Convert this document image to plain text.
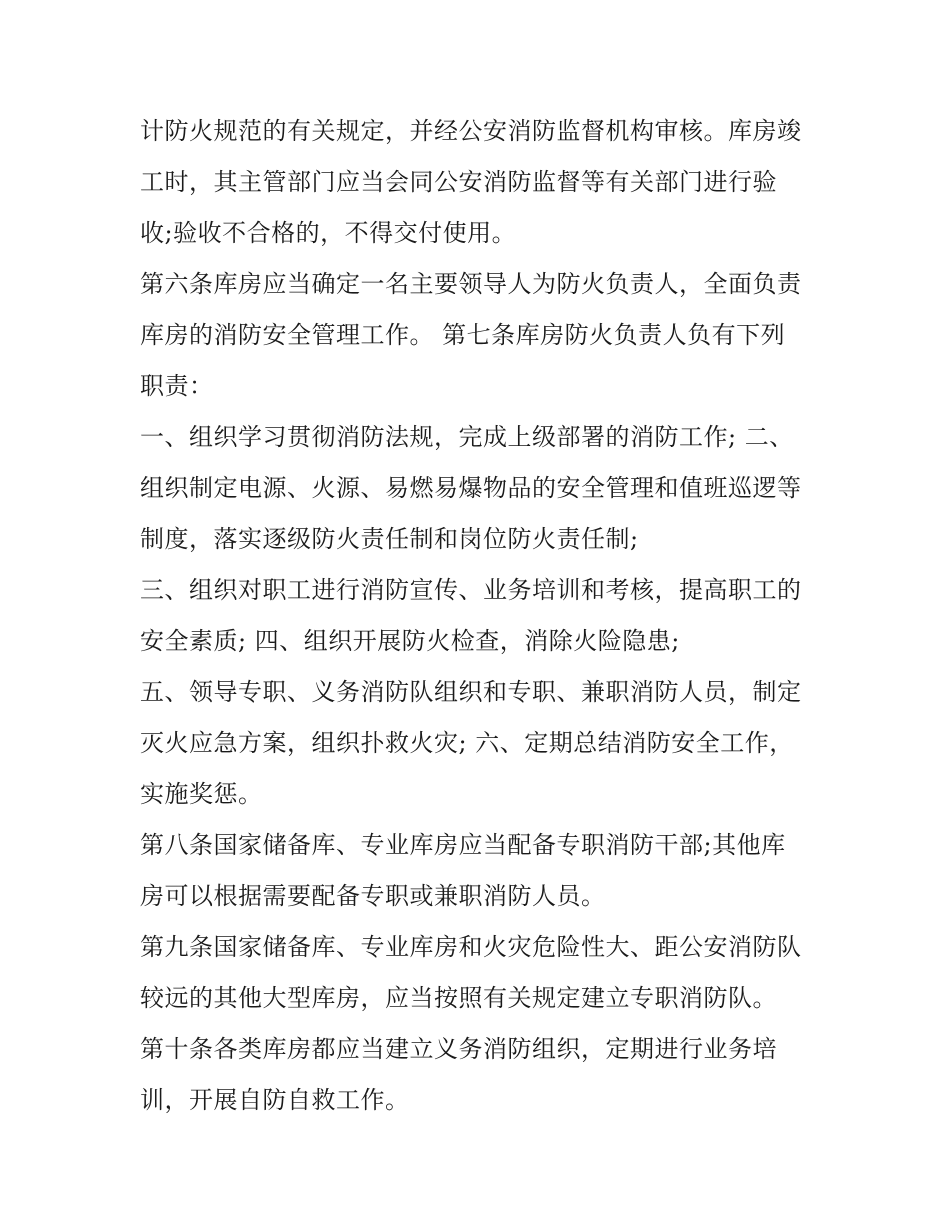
计防火规范的有关规定，并经公安消防监督机构审核。库房竣
工时，其主管部门应当会同公安消防监督等有关部门进行验
收;验收不合格的，不得交付使用。

第六条库房应当确定一名主要领导人为防火负责人，全面负责
库房的消防安全管理工作。 第七条库房防火负责人负有下列
职责：

一、组织学习贯彻消防法规，完成上级部署的消防工作; 二、
组织制定电源、火源、易燃易爆物品的安全管理和值班巡逻等
制度，落实逐级防火责任制和岗位防火责任制;

三、组织对职工进行消防宣传、业务培训和考核，提高职工的
安全素质; 四、组织开展防火检查，消除火险隐患;

五、领导专职、义务消防队组织和专职、兼职消防人员，制定
灭火应急方案，组织扑救火灾; 六、定期总结消防安全工作，
实施奖惩。

第八条国家储备库、专业库房应当配备专职消防干部;其他库
房可以根据需要配备专职或兼职消防人员。

第九条国家储备库、专业库房和火灾危险性大、距公安消防队
较远的其他大型库房，应当按照有关规定建立专职消防队。

第十条各类库房都应当建立义务消防组织，定期进行业务培
训，开展自防自救工作。
